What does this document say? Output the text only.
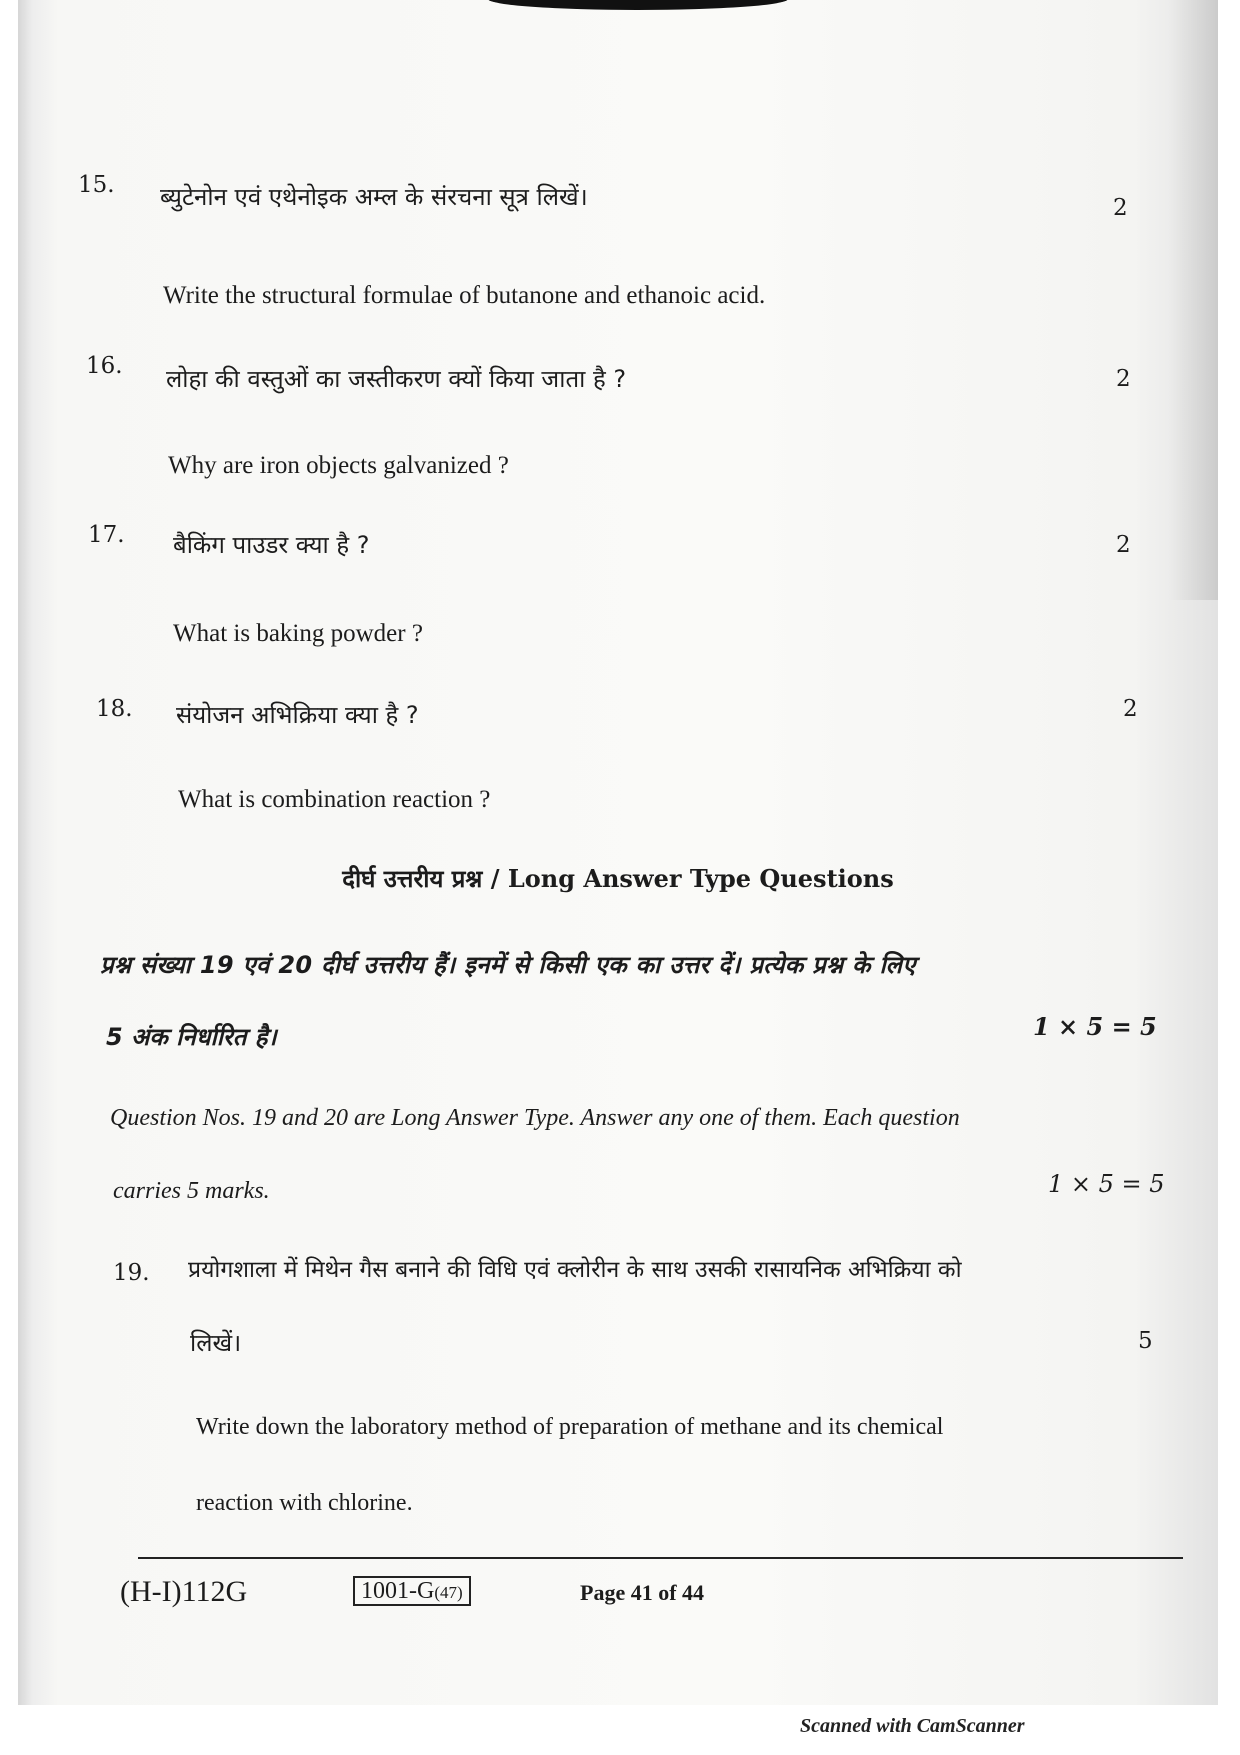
15. ब्युटेनोन एवं एथेनोइक अम्ल के संरचना सूत्र लिखें।	2
Write the structural formulae of butanone and ethanoic acid.
16. लोहा की वस्तुओं का जस्तीकरण क्यों किया जाता है ?	2
Why are iron objects galvanized ?
17. बैकिंग पाउडर क्या है ?	2
What is baking powder ?
18. संयोजन अभिक्रिया क्या है ?	2
What is combination reaction ?
दीर्घ उत्तरीय प्रश्न / Long Answer Type Questions
प्रश्न संख्या 19 एवं 20 दीर्घ उत्तरीय हैं। इनमें से किसी एक का उत्तर दें। प्रत्येक प्रश्न के लिए
5 अंक निर्धारित है।	1 × 5 = 5
Question Nos. 19 and 20 are Long Answer Type. Answer any one of them. Each question
carries 5 marks.	1 × 5 = 5
19. प्रयोगशाला में मिथेन गैस बनाने की विधि एवं क्लोरीन के साथ उसकी रासायनिक अभिक्रिया को
लिखें।	5
Write down the laboratory method of preparation of methane and its chemical
reaction with chlorine.
(H-I)112G	1001-G(47)	Page 41 of 44
Scanned with CamScanner
